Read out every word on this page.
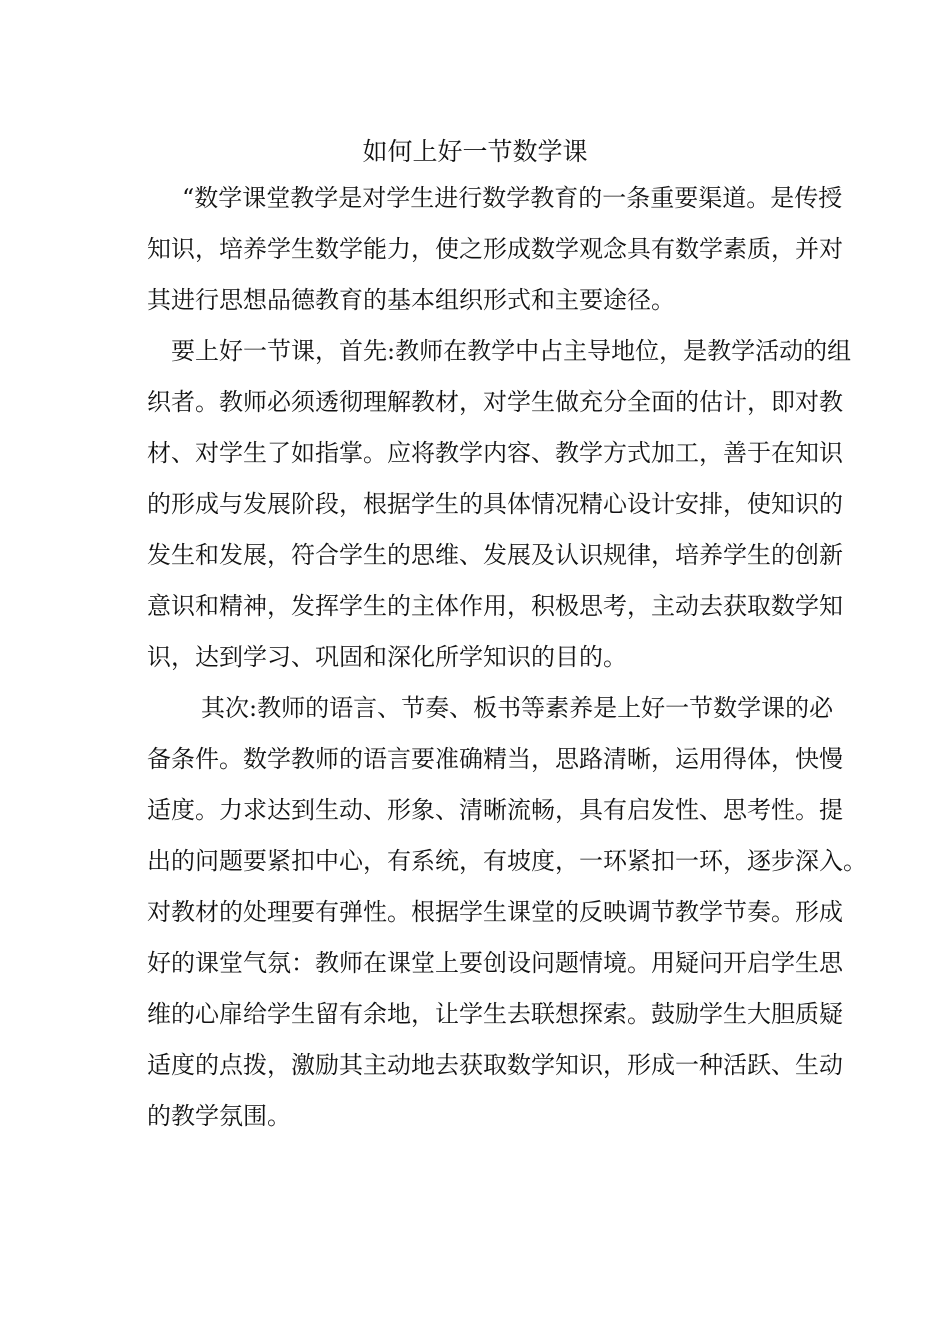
如何上好一节数学课
“数学课堂教学是对学生进行数学教育的一条重要渠道。是传授
知识，培养学生数学能力，使之形成数学观念具有数学素质，并对
其进行思想品德教育的基本组织形式和主要途径。
要上好一节课，首先:教师在教学中占主导地位，是教学活动的组
织者。教师必须透彻理解教材，对学生做充分全面的估计，即对教
材、对学生了如指掌。应将教学内容、教学方式加工，善于在知识
的形成与发展阶段，根据学生的具体情况精心设计安排，使知识的
发生和发展，符合学生的思维、发展及认识规律，培养学生的创新
意识和精神，发挥学生的主体作用，积极思考，主动去获取数学知
识，达到学习、巩固和深化所学知识的目的。
其次:教师的语言、节奏、板书等素养是上好一节数学课的必
备条件。数学教师的语言要准确精当，思路清晰，运用得体，快慢
适度。力求达到生动、形象、清晰流畅，具有启发性、思考性。提
出的问题要紧扣中心，有系统，有坡度，一环紧扣一环，逐步深入。
对教材的处理要有弹性。根据学生课堂的反映调节教学节奏。形成
好的课堂气氛：教师在课堂上要创设问题情境。用疑问开启学生思
维的心扉给学生留有余地，让学生去联想探索。鼓励学生大胆质疑
适度的点拨，激励其主动地去获取数学知识，形成一种活跃、生动
的教学氛围。
